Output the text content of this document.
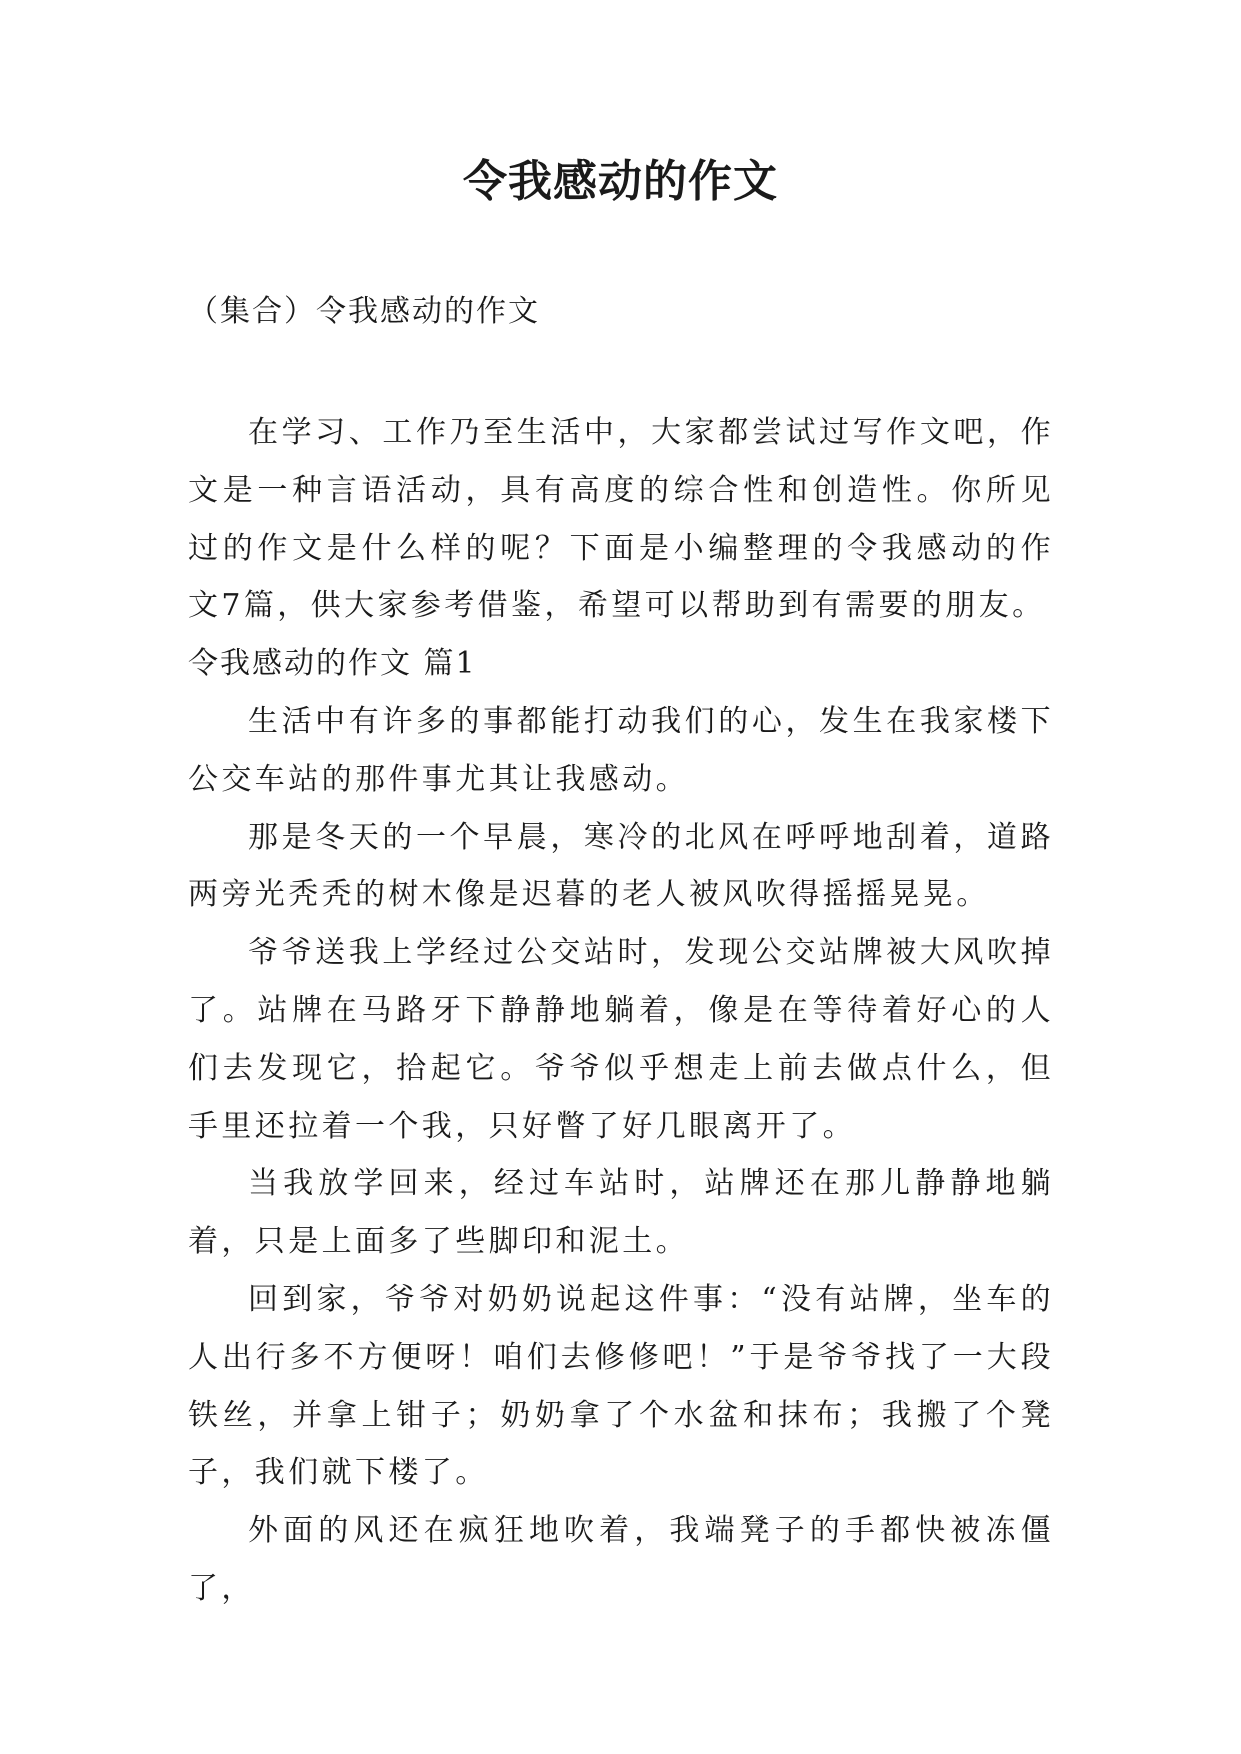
令我感动的作文
（集合）令我感动的作文

在学习、工作乃至生活中，大家都尝试过写作文吧，作文是一种言语活动，具有高度的综合性和创造性。你所见过的作文是什么样的呢？下面是小编整理的令我感动的作文7篇，供大家参考借鉴，希望可以帮助到有需要的朋友。

令我感动的作文 篇1

生活中有许多的事都能打动我们的心，发生在我家楼下公交车站的那件事尤其让我感动。

那是冬天的一个早晨，寒冷的北风在呼呼地刮着，道路两旁光秃秃的树木像是迟暮的老人被风吹得摇摇晃晃。

爷爷送我上学经过公交站时，发现公交站牌被大风吹掉了。站牌在马路牙下静静地躺着，像是在等待着好心的人们去发现它，拾起它。爷爷似乎想走上前去做点什么，但手里还拉着一个我，只好瞥了好几眼离开了。

当我放学回来，经过车站时，站牌还在那儿静静地躺着，只是上面多了些脚印和泥土。

回到家，爷爷对奶奶说起这件事：“没有站牌，坐车的人出行多不方便呀！咱们去修修吧！”于是爷爷找了一大段铁丝，并拿上钳子；奶奶拿了个水盆和抹布；我搬了个凳子，我们就下楼了。

外面的风还在疯狂地吹着，我端凳子的手都快被冻僵了，
